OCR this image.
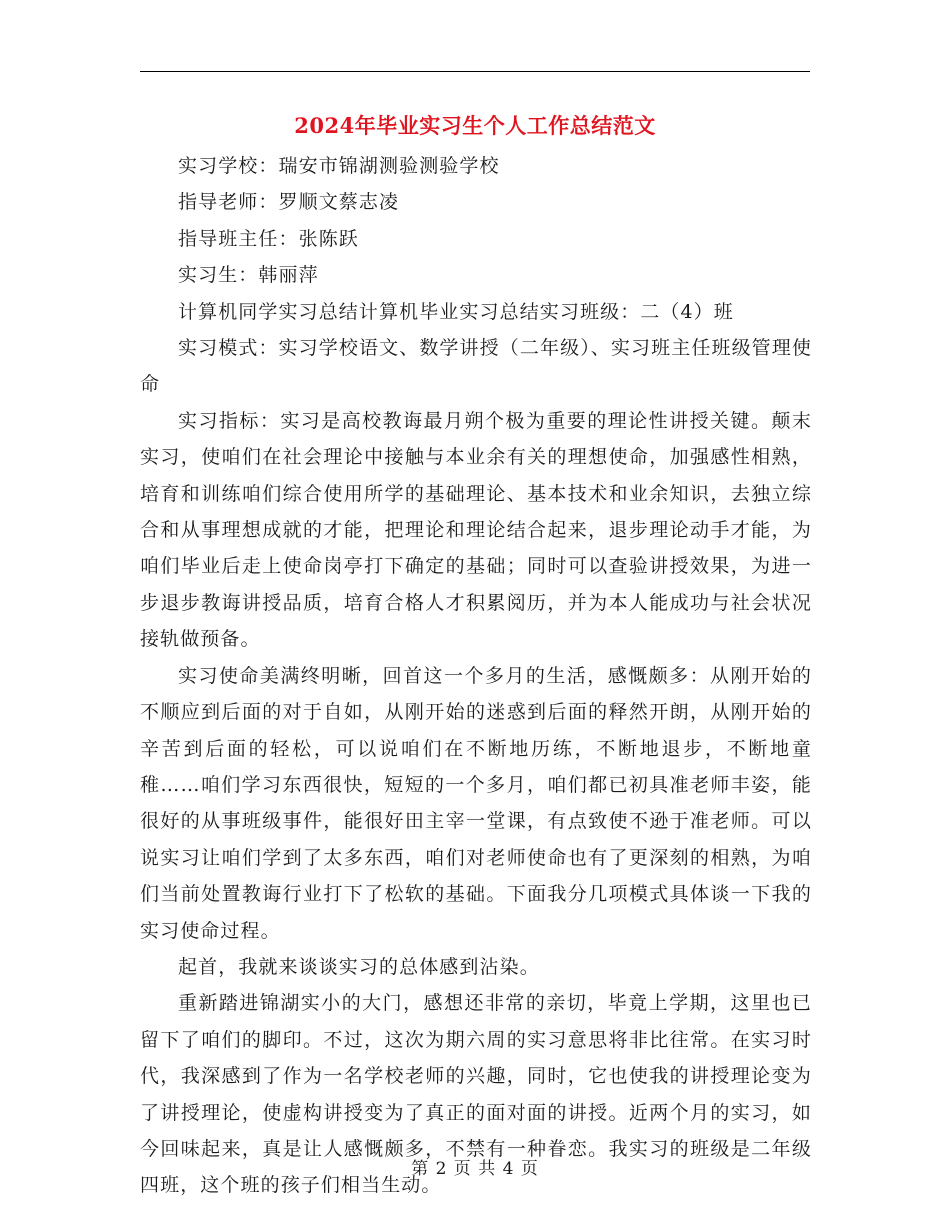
2024年毕业实习生个人工作总结范文

实习学校：瑞安市锦湖测验测验学校

指导老师：罗顺文蔡志凌

指导班主任：张陈跃

实习生：韩丽萍

计算机同学实习总结计算机毕业实习总结实习班级：二（4）班

实习模式：实习学校语文、数学讲授（二年级）、实习班主任班级管理使命

实习指标：实习是高校教诲最月朔个极为重要的理论性讲授关键。颠末实习，使咱们在社会理论中接触与本业余有关的理想使命，加强感性相熟，培育和训练咱们综合使用所学的基础理论、基本技术和业余知识，去独立综合和从事理想成就的才能，把理论和理论结合起来，退步理论动手才能，为咱们毕业后走上使命岗亭打下确定的基础；同时可以查验讲授效果，为进一步退步教诲讲授品质，培育合格人才积累阅历，并为本人能成功与社会状况接轨做预备。

实习使命美满终明晰，回首这一个多月的生活，感慨颇多：从刚开始的不顺应到后面的对于自如，从刚开始的迷惑到后面的释然开朗，从刚开始的辛苦到后面的轻松，可以说咱们在不断地历练，不断地退步，不断地童稚……咱们学习东西很快，短短的一个多月，咱们都已初具准老师丰姿，能很好的从事班级事件，能很好田主宰一堂课，有点致使不逊于准老师。可以说实习让咱们学到了太多东西，咱们对老师使命也有了更深刻的相熟，为咱们当前处置教诲行业打下了松软的基础。下面我分几项模式具体谈一下我的实习使命过程。

起首，我就来谈谈实习的总体感到沾染。

重新踏进锦湖实小的大门，感想还非常的亲切，毕竟上学期，这里也已留下了咱们的脚印。不过，这次为期六周的实习意思将非比往常。在实习时代，我深感到了作为一名学校老师的兴趣，同时，它也使我的讲授理论变为了讲授理论，使虚构讲授变为了真正的面对面的讲授。近两个月的实习，如今回味起来，真是让人感慨颇多，不禁有一种眷恋。我实习的班级是二年级四班，这个班的孩子们相当生动。

第 2 页 共 4 页
